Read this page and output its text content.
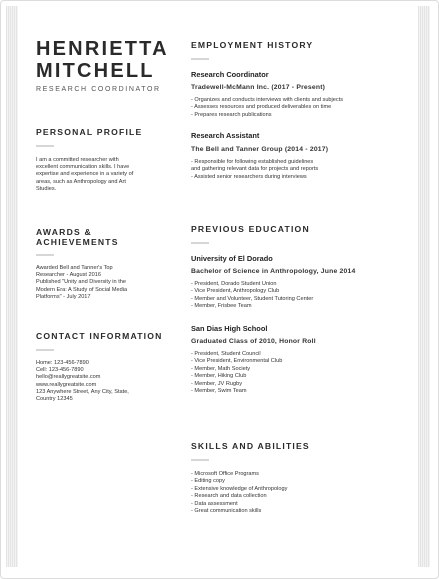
HENRIETTA

MITCHELL

RESEARCH COORDINATOR

PERSONAL PROFILE

I am a committed researcher with
excellent communication skills. I have
expertise and experience in a variety of
areas, such as Anthropology and Art
Studies.

AWARDS &

ACHIEVEMENTS

Awarded Bell and Tanner's Top
Researcher - August 2016
Published "Unity and Diversity in the
Modern Era: A Study of Social Media
Platforms" - July 2017

CONTACT INFORMATION

Home: 123-456-7890
Cell: 123-456-7890
hello@reallygreatsite.com
www.reallygreatsite.com
123 Anywhere Street, Any City, State,
Country 12345

EMPLOYMENT HISTORY

Research Coordinator

Tradewell-McMann Inc. (2017 - Present)

- Organizes and conducts interviews with clients and subjects
- Assesses resources and produced deliverables on time
- Prepares research publications

Research Assistant

The Bell and Tanner Group (2014 - 2017)

- Responsible for following established guidelines
and gathering relevant data for projects and reports
- Assisted senior researchers during interviews

PREVIOUS EDUCATION

University of El Dorado

Bachelor of Science in Anthropology, June 2014

- President, Dorado Student Union
- Vice President, Anthropology Club
- Member and Volunteer, Student Tutoring Center
- Member, Frisbee Team

San Dias High School

Graduated Class of 2010, Honor Roll

- President, Student Council
- Vice President, Environmental Club
- Member, Math Society
- Member, Hiking Club
- Member, JV Rugby
- Member, Swim Team

SKILLS AND ABILITIES

- Microsoft Office Programs
- Editing copy
- Extensive knowledge of Anthropology
- Research and data collection
- Data assessment
- Great communication skills
